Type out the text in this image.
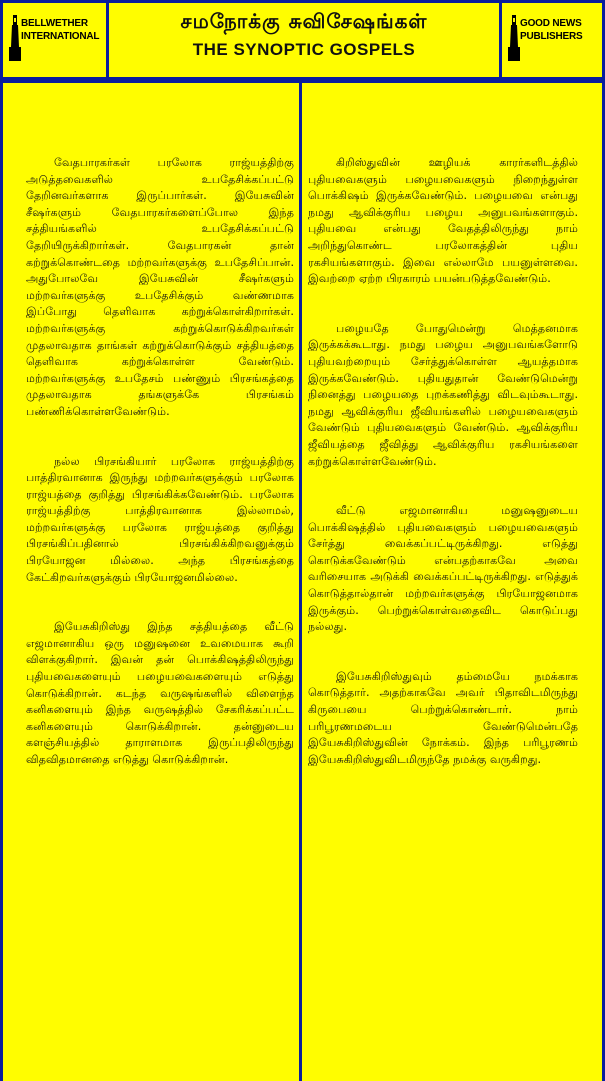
BELLWETHER INTERNATIONAL
சமநோக்கு சுவிசேஷங்கள்
THE SYNOPTIC GOSPELS
GOOD NEWS PUBLISHERS

வேதபாரகர்கள் பரலோக ராஜ்யத்திற்கு அடுத்தவைகளில் உபதேசிக்கப்பட்டு தேறினவர்களாக இருப்பார்கள். இயேசுவின் சீஷர்களும் வேதபாரகர்களைப்போல இந்த சத்தியங்களில் உபதேசிக்கப்பட்டு தேறியிருக்கிறார்கள். வேதபாரகன் தான் கற்றுக்கொண்டதை மற்றவர்களுக்கு உபதேசிப்பான். அதுபோலவே இயேசுவின் சீஷர்களும் மற்றவர்களுக்கு உபதேசிக்கும் வண்ணமாக இப்போது தெளிவாக கற்றுக்கொள்கிறார்கள். மற்றவர்களுக்கு கற்றுக்கொடுக்கிறவர்கள் முதலாவதாக தாங்கள் கற்றுக்கொடுக்கும் சத்தியத்தை தெளிவாக கற்றுக்கொள்ள வேண்டும். மற்றவர்களுக்கு உபதேசம் பண்ணும் பிரசங்கத்தை முதலாவதாக தங்களுக்கே பிரசங்கம் பண்ணிக்கொள்ளவேண்டும்.

நல்ல பிரசங்கியார் பரலோக ராஜ்யத்திற்கு பாத்திரவானாக இருந்து மற்றவர்களுக்கும் பரலோக ராஜ்யத்தை குறித்து பிரசங்கிக்கவேண்டும். பரலோக ராஜ்யத்திற்கு பாத்திரவானாக இல்லாமல், மற்றவர்களுக்கு பரலோக ராஜ்யத்தை குறித்து பிரசங்கிப்பதினால் பிரசங்கிக்கிறவனுக்கும் பிரயோஜன மில்லை. அந்த பிரசங்கத்தை கேட்கிறவர்களுக்கும் பிரயோஜனமில்லை.

இயேசுகிறிஸ்து இந்த சத்தியத்தை வீட்டு எஜமானாகிய ஒரு மனுஷனை உவமையாக கூறி விளக்குகிறார். இவன் தன் பொக்கிஷத்திலிருந்து புதியவைகளையும் பழையவைகளையும் எடுத்து கொடுக்கிறான். கடந்த வருஷங்களில் விளைந்த கனிகளையும் இந்த வருஷத்தில் சேகரிக்கப்பட்ட கனிகளையும் கொடுக்கிறான். தன்னுடைய களஞ்சியத்தில் தாராளமாக இருப்பதிலிருந்து விதவிதமானதை எடுத்து கொடுக்கிறான்.

கிறிஸ்துவின் ஊழியக் காரர்களிடத்தில் புதியவைகளும் பழையவைகளும் நிறைந்துள்ள பொக்கிஷம் இருக்கவேண்டும். பழையவை என்பது நமது ஆவிக்குரிய பழைய அனுபவங்களாகும். புதியவை என்பது வேதத்திலிருந்து நாம் அறிந்துகொண்ட பரலோகத்தின் புதிய ரகசியங்களாகும். இவை எல்லாமே பயனுள்ளவை. இவற்றை ஏற்ற பிரகாரம் பயன்படுத்தவேண்டும்.

பழையதே போதுமென்று மெத்தனமாக இருக்கக்கூடாது. நமது பழைய அனுபவங்களோடு புதியவற்றையும் சேர்த்துக்கொள்ள ஆயத்தமாக இருக்கவேண்டும். புதியதுதான் வேண்டுமென்று நினைத்து பழையதை புறக்கணித்து விடவும்கூடாது. நமது ஆவிக்குரிய ஜீவியங்களில் பழையவைகளும் வேண்டும் புதியவைகளும் வேண்டும். ஆவிக்குரிய ஜீவியத்தை ஜீவித்து ஆவிக்குரிய ரகசியங்களை கற்றுக்கொள்ளவேண்டும்.

வீட்டு எஜமானாகிய மனுஷனுடைய பொக்கிஷத்தில் புதியவைகளும் பழையவைகளும் சேர்த்து வைக்கப்பட்டிருக்கிறது. எடுத்து கொடுக்கவேண்டும் என்பதற்காகவே அவை வரிசையாக அடுக்கி வைக்கப்பட்டிருக்கிறது. எடுத்துக் கொடுத்தால்தான் மற்றவர்களுக்கு பிரயோஜனமாக இருக்கும். பெற்றுக்கொள்வதைவிட கொடுப்பது நல்லது.

இயேசுகிறிஸ்துவும் தம்மையே நமக்காக கொடுத்தார். அதற்காகவே அவர் பிதாவிடமிருந்து கிருபையை பெற்றுக்கொண்டார். நாம் பரிபூரணமடைய வேண்டுமென்பதே இயேசுகிறிஸ்துவின் நோக்கம். இந்த பரிபூரணம் இயேசுகிறிஸ்துவிடமிருந்தே நமக்கு வருகிறது.
